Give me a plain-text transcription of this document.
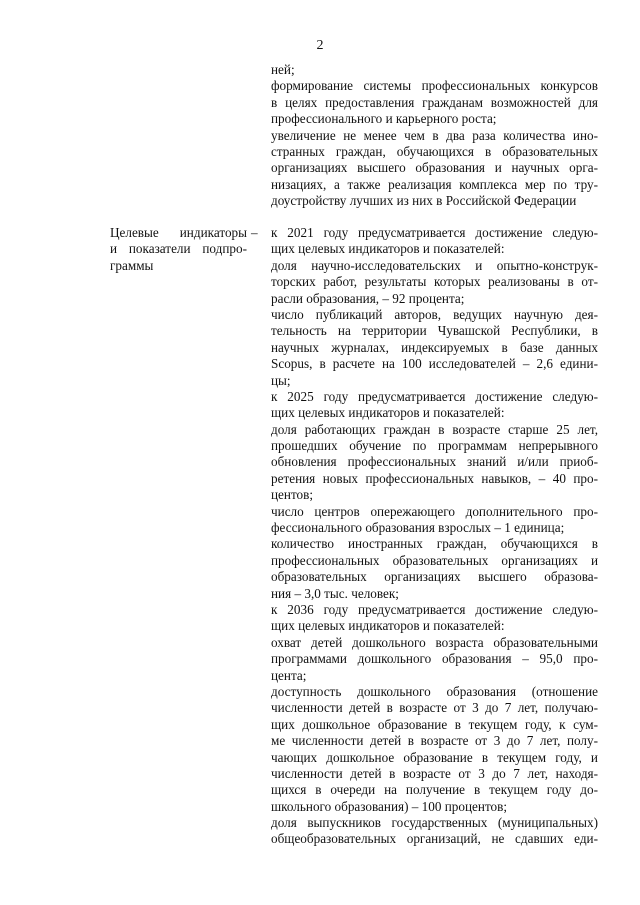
2
ней;
формирование системы профессиональных конкурсов
в целях предоставления гражданам возможностей для
профессионального и карьерного роста;
увеличение не менее чем в два раза количества ино-
странных граждан, обучающихся в образовательных
организациях высшего образования и научных орга-
низациях, а также реализация комплекса мер по тру-
доустройству лучших из них в Российской Федерации
Целевые индикаторы
и показатели подпро-
граммы
– к 2021 году предусматривается достижение следую-
щих целевых индикаторов и показателей:
доля научно-исследовательских и опытно-конструк-
торских работ, результаты которых реализованы в от-
расли образования, – 92 процента;
число публикаций авторов, ведущих научную дея-
тельность на территории Чувашской Республики, в
научных журналах, индексируемых в базе данных
Scopus, в расчете на 100 исследователей – 2,6 едини-
цы;
к 2025 году предусматривается достижение следую-
щих целевых индикаторов и показателей:
доля работающих граждан в возрасте старше 25 лет,
прошедших обучение по программам непрерывного
обновления профессиональных знаний и/или приоб-
ретения новых профессиональных навыков, – 40 про-
центов;
число центров опережающего дополнительного про-
фессионального образования взрослых – 1 единица;
количество иностранных граждан, обучающихся в
профессиональных образовательных организациях и
образовательных организациях высшего образова-
ния – 3,0 тыс. человек;
к 2036 году предусматривается достижение следую-
щих целевых индикаторов и показателей:
охват детей дошкольного возраста образовательными
программами дошкольного образования – 95,0 про-
цента;
доступность дошкольного образования (отношение
численности детей в возрасте от 3 до 7 лет, получаю-
щих дошкольное образование в текущем году, к сум-
ме численности детей в возрасте от 3 до 7 лет, полу-
чающих дошкольное образование в текущем году, и
численности детей в возрасте от 3 до 7 лет, находя-
щихся в очереди на получение в текущем году до-
школьного образования) – 100 процентов;
доля выпускников государственных (муниципальных)
общеобразовательных организаций, не сдавших еди-
